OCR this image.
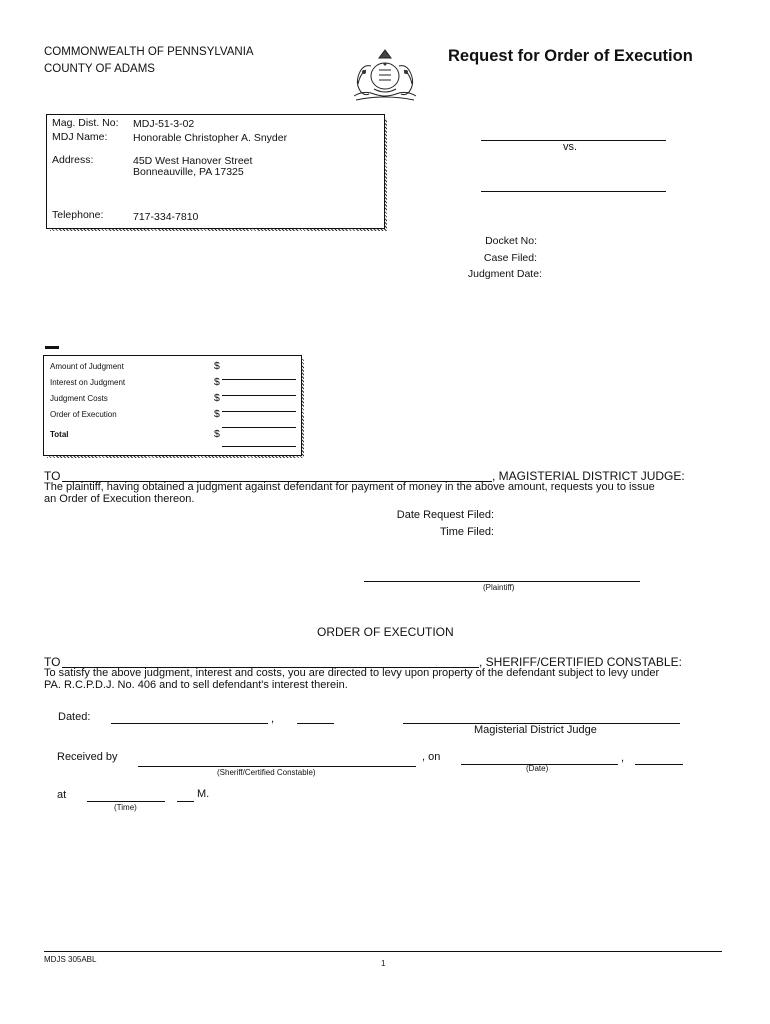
COMMONWEALTH OF PENNSYLVANIA
COUNTY OF ADAMS
Request for Order of Execution
Mag. Dist. No: MDJ-51-3-02
MDJ Name: Honorable Christopher A. Snyder
Address:	45D West Hanover Street
Bonneauville, PA 17325
Telephone:	717-334-7810
vs.
Docket No:
Case Filed:
Judgment Date:
Amount of Judgment	$
Interest on Judgment	$
Judgment Costs	$
Order of Execution	$
Total	$
TO	, MAGISTERIAL DISTRICT JUDGE:
The plaintiff, having obtained a judgment against defendant for payment of money in the above amount, requests you to issue
an Order of Execution thereon.
Date Request Filed:
Time Filed:
(Plaintiff)
ORDER OF EXECUTION
TO	, SHERIFF/CERTIFIED CONSTABLE:
To satisfy the above judgment, interest and costs, you are directed to levy upon property of the defendant subject to levy under
PA. R.C.P.D.J. No. 406 and to sell defendant's interest therein.
Dated:	,
Magisterial District Judge
Received by
(Sheriff/Certified Constable)
, on
(Date)
,
at	M.
(Time)
MDJS 305ABL	1
